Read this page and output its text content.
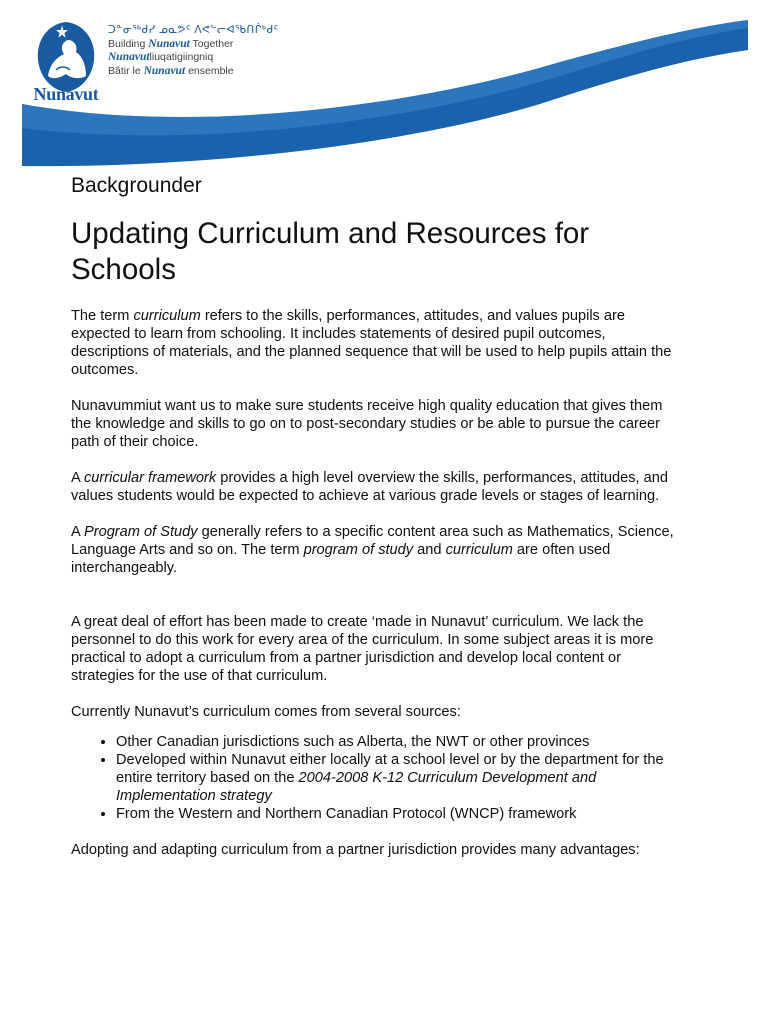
Nunavut
ᑐᓐᓂᖅᑯᓯ ᓄᓇᕗᑦ ᐱᕙᓪᓕᐊᖃᑎᒌᒃᑯᑦ
Building Nunavut Together
Nunavutliuqatigiingniq
Bâtir le Nunavut ensemble
Backgrounder
Updating Curriculum and Resources for Schools

The term curriculum refers to the skills, performances, attitudes, and values pupils are expected to learn from schooling. It includes statements of desired pupil outcomes, descriptions of materials, and the planned sequence that will be used to help pupils attain the outcomes.

Nunavummiut want us to make sure students receive high quality education that gives them the knowledge and skills to go on to post-secondary studies or be able to pursue the career path of their choice.

A curricular framework provides a high level overview the skills, performances, attitudes, and values students would be expected to achieve at various grade levels or stages of learning.

A Program of Study generally refers to a specific content area such as Mathematics, Science, Language Arts and so on. The term program of study and curriculum are often used interchangeably.

A great deal of effort has been made to create ‘made in Nunavut’ curriculum. We lack the personnel to do this work for every area of the curriculum. In some subject areas it is more practical to adopt a curriculum from a partner jurisdiction and develop local content or strategies for the use of that curriculum.

Currently Nunavut’s curriculum comes from several sources:

• Other Canadian jurisdictions such as Alberta, the NWT or other provinces
• Developed within Nunavut either locally at a school level or by the department for the entire territory based on the 2004-2008 K-12 Curriculum Development and Implementation strategy
• From the Western and Northern Canadian Protocol (WNCP) framework

Adopting and adapting curriculum from a partner jurisdiction provides many advantages:
